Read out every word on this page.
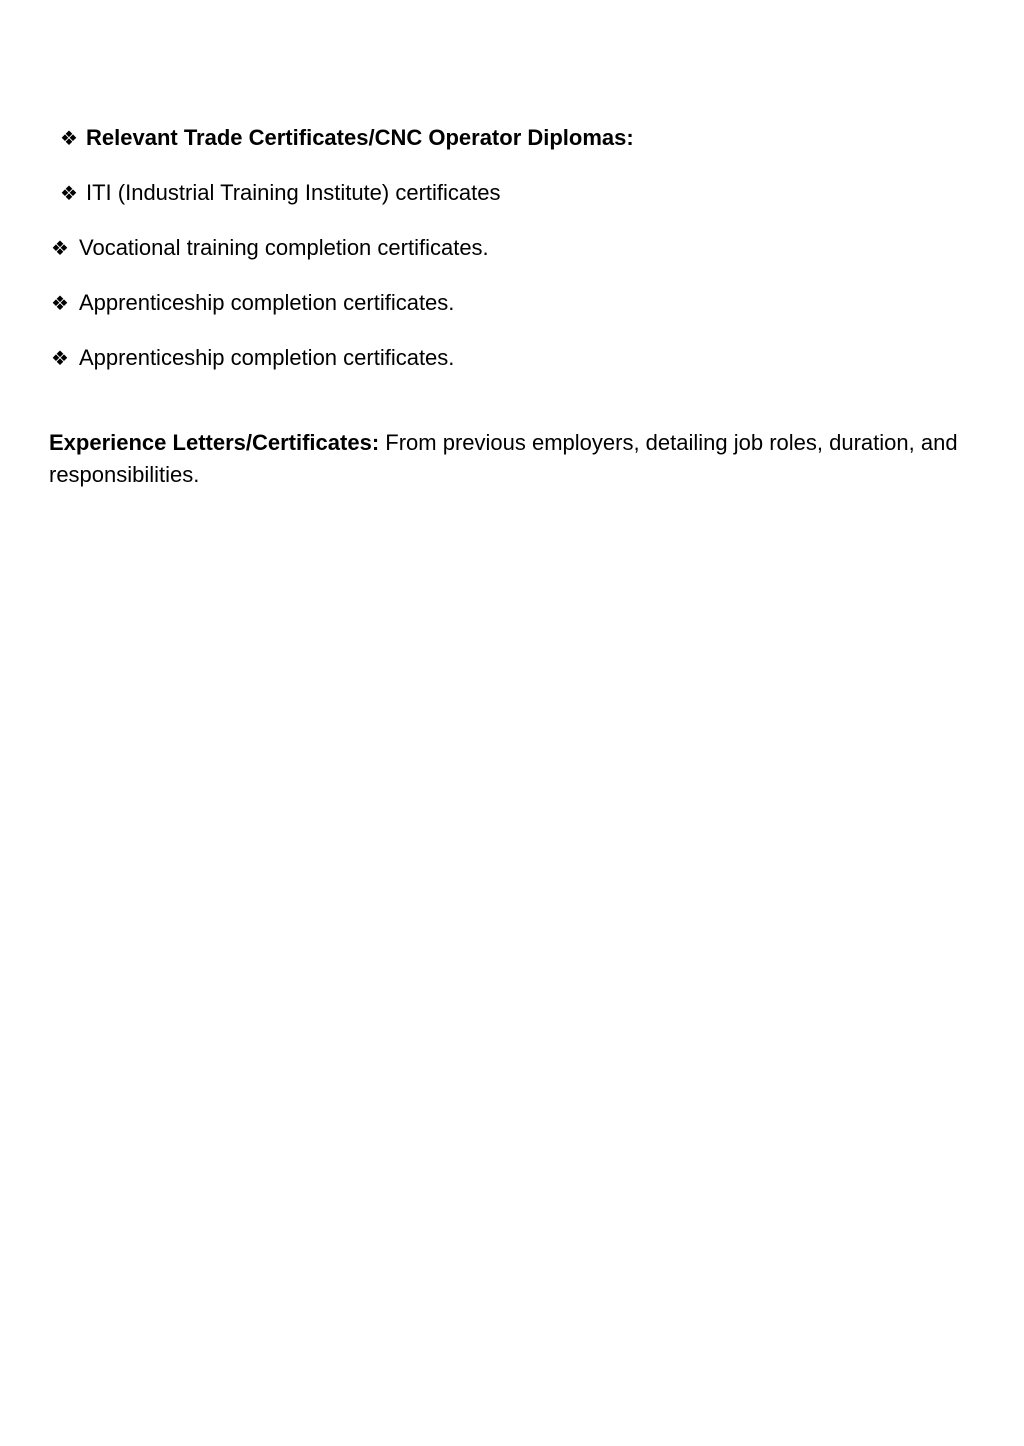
❖ Relevant Trade Certificates/CNC Operator Diplomas:
❖ ITI (Industrial Training Institute) certificates
❖ Vocational training completion certificates.
❖ Apprenticeship completion certificates.
❖ Apprenticeship completion certificates.

Experience Letters/Certificates: From previous employers, detailing job roles, duration, and responsibilities.
